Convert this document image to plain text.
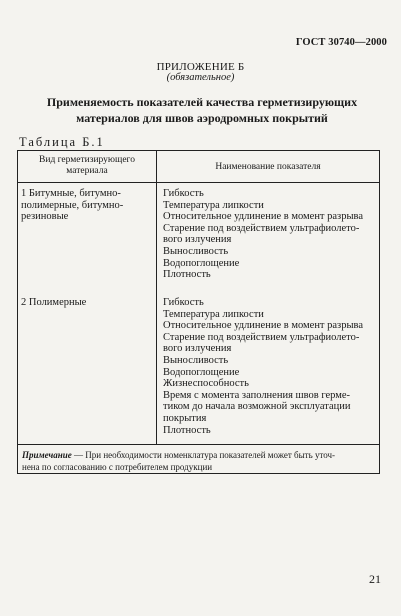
ГОСТ 30740—2000
ПРИЛОЖЕНИЕ Б
(обязательное)
Применяемость показателей качества герметизирующих
материалов для швов аэродромных покрытий
Таблица Б.1
Вид герметизирующего
материала	Наименование показателя
1 Битумные, битумно-
полимерные, битумно-
резиновые
Гибкость
Температура липкости
Относительное удлинение в момент разрыва
Старение под воздействием ультрафиолето-
вого излучения
Выносливость
Водопоглощение
Плотность
2 Полимерные	Гибкость
Температура липкости
Относительное удлинение в момент разрыва
Старение под воздействием ультрафиолето-
вого излучения
Выносливость
Водопоглощение
Жизнеспособность
Время с момента заполнения швов герме-
тиком до начала возможной эксплуатации
покрытия
Плотность
Примечание — При необходимости номенклатура показателей может быть уточ-
нена по согласованию с потребителем продукции
21
